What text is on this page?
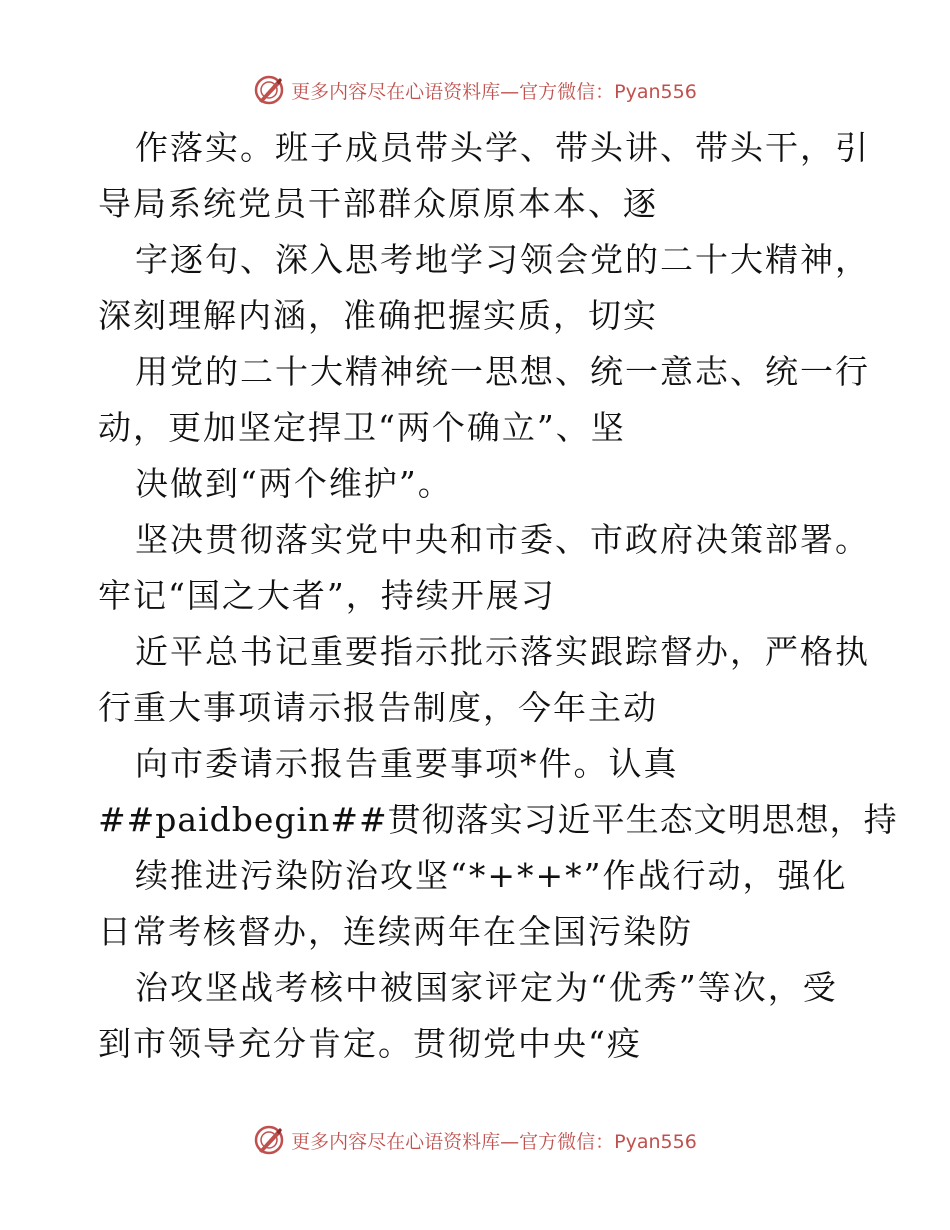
更多内容尽在心语资料库—官方微信：Pyan556
作落实。班子成员带头学、带头讲、带头干，引
导局系统党员干部群众原原本本、逐
字逐句、深入思考地学习领会党的二十大精神，
深刻理解内涵，准确把握实质，切实
用党的二十大精神统一思想、统一意志、统一行
动，更加坚定捍卫“两个确立”、坚
决做到“两个维护”。
坚决贯彻落实党中央和市委、市政府决策部署。
牢记“国之大者”，持续开展习
近平总书记重要指示批示落实跟踪督办，严格执
行重大事项请示报告制度，今年主动
向市委请示报告重要事项*件。认真
##paidbegin##贯彻落实习近平生态文明思想，持
续推进污染防治攻坚“*+*+*”作战行动，强化
日常考核督办，连续两年在全国污染防
治攻坚战考核中被国家评定为“优秀”等次，受
到市领导充分肯定。贯彻党中央“疫
更多内容尽在心语资料库—官方微信：Pyan556
